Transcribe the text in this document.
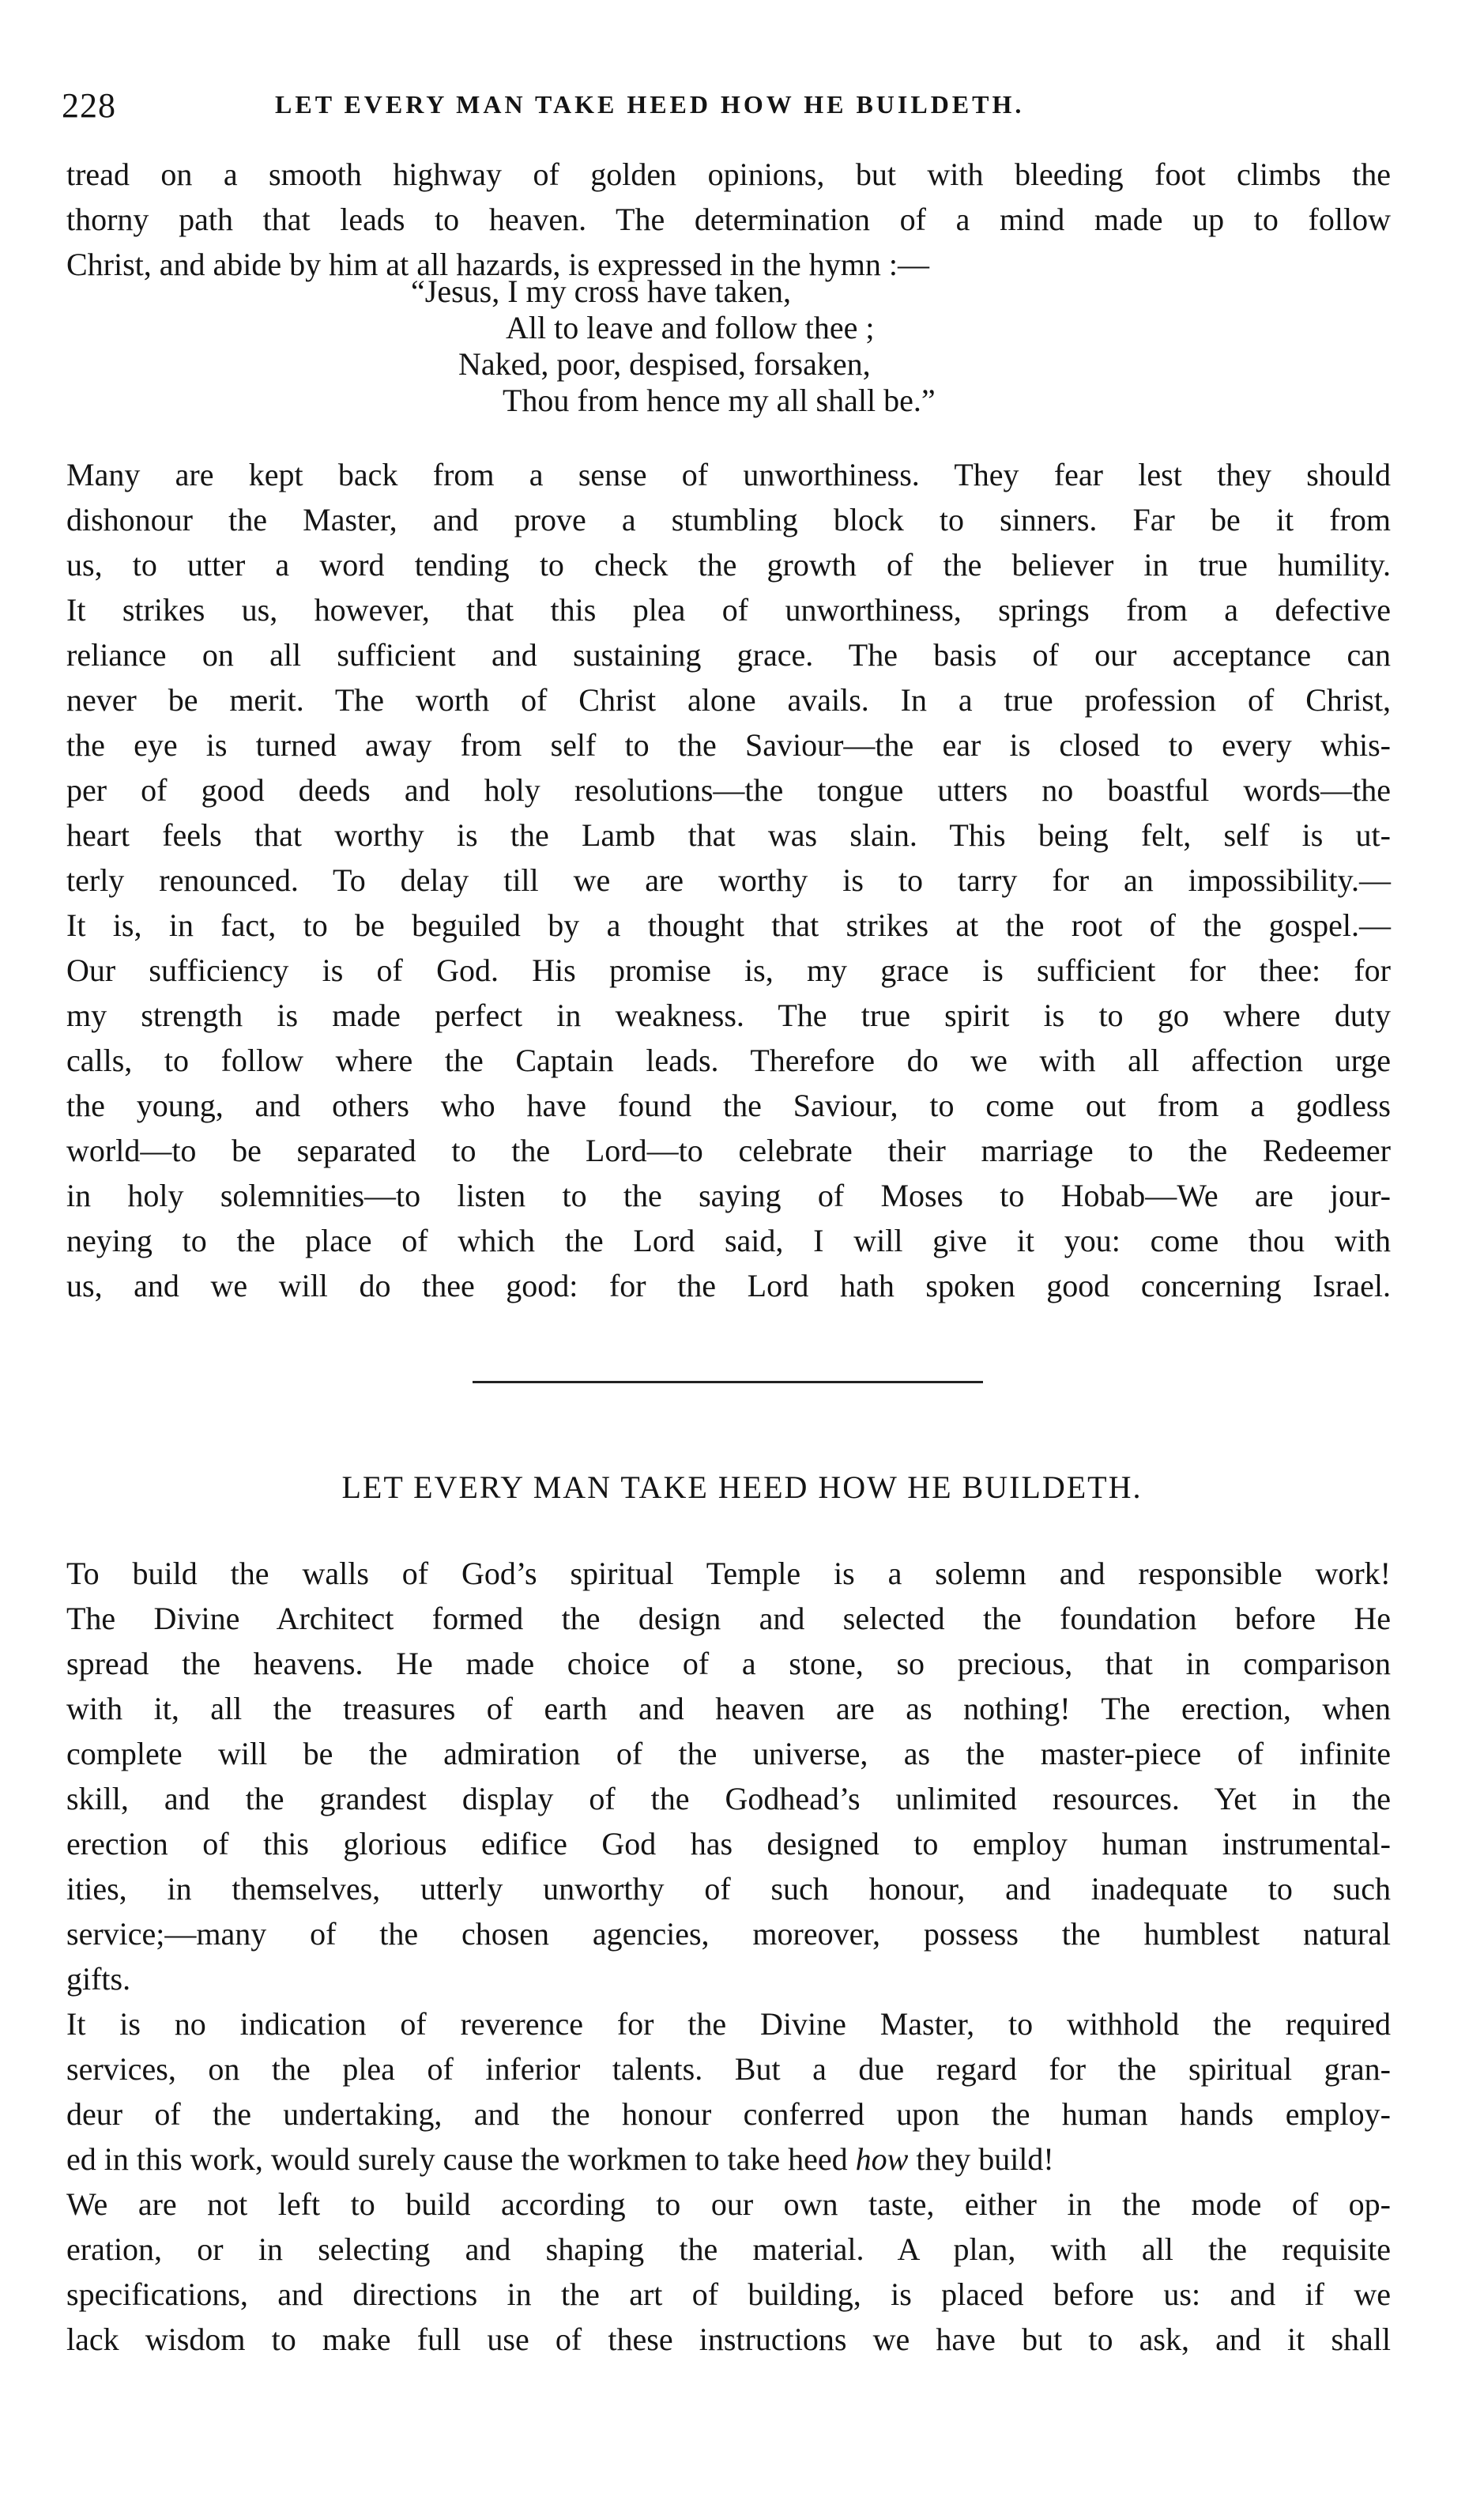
228	LET EVERY MAN TAKE HEED HOW HE BUILDETH.
tread on a smooth highway of golden opinions, but with bleeding foot climbs the
thorny path that leads to heaven. The determination of a mind made up to follow
Christ, and abide by him at all hazards, is expressed in the hymn :—
“Jesus, I my cross have taken,
All to leave and follow thee ;
Naked, poor, despised, forsaken,
Thou from hence my all shall be.”
Many are kept back from a sense of unworthiness. They fear lest they should
dishonour the Master, and prove a stumbling block to sinners. Far be it from
us, to utter a word tending to check the growth of the believer in true humility.
It strikes us, however, that this plea of unworthiness, springs from a defective
reliance on all sufficient and sustaining grace. The basis of our acceptance can
never be merit. The worth of Christ alone avails. In a true profession of Christ,
the eye is turned away from self to the Saviour—the ear is closed to every whis-
per of good deeds and holy resolutions—the tongue utters no boastful words—the
heart feels that worthy is the Lamb that was slain. This being felt, self is ut-
terly renounced. To delay till we are worthy is to tarry for an impossibility.—
It is, in fact, to be beguiled by a thought that strikes at the root of the gospel.—
Our sufficiency is of God. His promise is, my grace is sufficient for thee: for
my strength is made perfect in weakness. The true spirit is to go where duty
calls, to follow where the Captain leads. Therefore do we with all affection urge
the young, and others who have found the Saviour, to come out from a godless
world—to be separated to the Lord—to celebrate their marriage to the Redeemer
in holy solemnities—to listen to the saying of Moses to Hobab—We are jour-
neying to the place of which the Lord said, I will give it you: come thou with
us, and we will do thee good: for the Lord hath spoken good concerning Israel.
LET EVERY MAN TAKE HEED HOW HE BUILDETH.
To build the walls of God’s spiritual Temple is a solemn and responsible work!
The Divine Architect formed the design and selected the foundation before He
spread the heavens. He made choice of a stone, so precious, that in comparison
with it, all the treasures of earth and heaven are as nothing! The erection, when
complete will be the admiration of the universe, as the master-piece of infinite
skill, and the grandest display of the Godhead’s unlimited resources. Yet in the
erection of this glorious edifice God has designed to employ human instrumental-
ities, in themselves, utterly unworthy of such honour, and inadequate to such
service;—many of the chosen agencies, moreover, possess the humblest natural
gifts.
It is no indication of reverence for the Divine Master, to withhold the required
services, on the plea of inferior talents. But a due regard for the spiritual gran-
deur of the undertaking, and the honour conferred upon the human hands employ-
ed in this work, would surely cause the workmen to take heed how they build!
We are not left to build according to our own taste, either in the mode of op-
eration, or in selecting and shaping the material. A plan, with all the requisite
specifications, and directions in the art of building, is placed before us: and if we
lack wisdom to make full use of these instructions we have but to ask, and it shall
